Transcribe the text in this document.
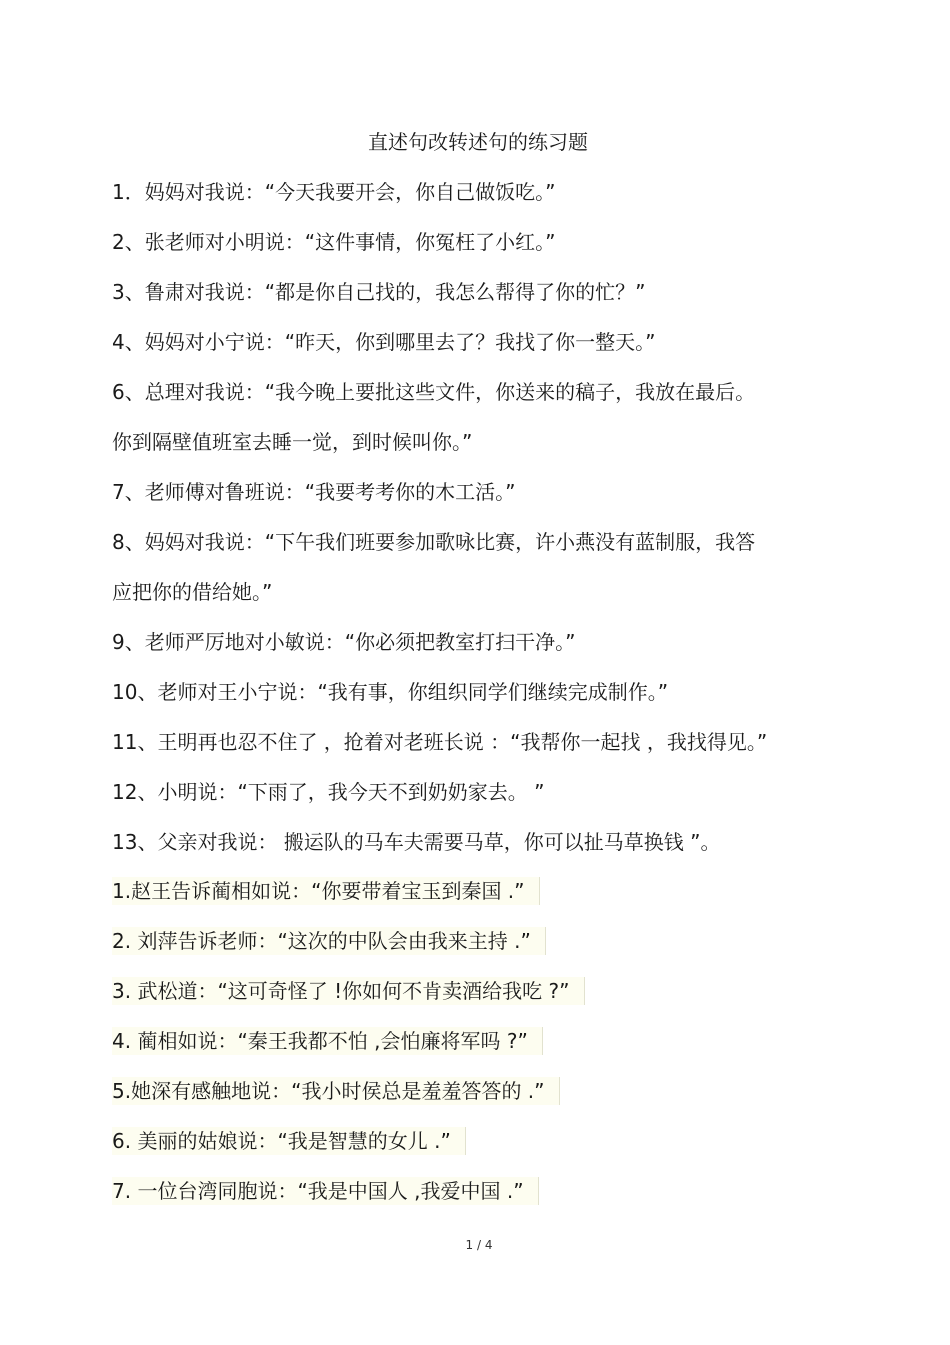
直述句改转述句的练习题
1．妈妈对我说：“今天我要开会，你自己做饭吃。”
2、张老师对小明说：“这件事情，你冤枉了小红。”
3、鲁肃对我说：“都是你自己找的，我怎么帮得了你的忙？”
4、妈妈对小宁说：“昨天，你到哪里去了？我找了你一整天。”
6、总理对我说：“我今晚上要批这些文件，你送来的稿子，我放在最后。
你到隔壁值班室去睡一觉，到时候叫你。”
7、老师傅对鲁班说：“我要考考你的木工活。”
8、妈妈对我说：“下午我们班要参加歌咏比赛，许小燕没有蓝制服，我答
应把你的借给她。”
9、老师严厉地对小敏说：“你必须把教室打扫干净。”
10、老师对王小宁说：“我有事，你组织同学们继续完成制作。”
11、王明再也忍不住了 ，抢着对老班长说 ：“我帮你一起找 ，我找得见。”
12、小明说：“下雨了，我今天不到奶奶家去。 ”
13、父亲对我说： 搬运队的马车夫需要马草，你可以扯马草换钱 ”。
1.赵王告诉蔺相如说：“你要带着宝玉到秦国 .”
2. 刘萍告诉老师：“这次的中队会由我来主持 .”
3. 武松道：“这可奇怪了 !你如何不肯卖酒给我吃 ?”
4. 蔺相如说：“秦王我都不怕 ,会怕廉将军吗 ?”
5.她深有感触地说：“我小时侯总是羞羞答答的 .”
6. 美丽的姑娘说：“我是智慧的女儿 .”
7. 一位台湾同胞说：“我是中国人 ,我爱中国 .”
1 / 4
